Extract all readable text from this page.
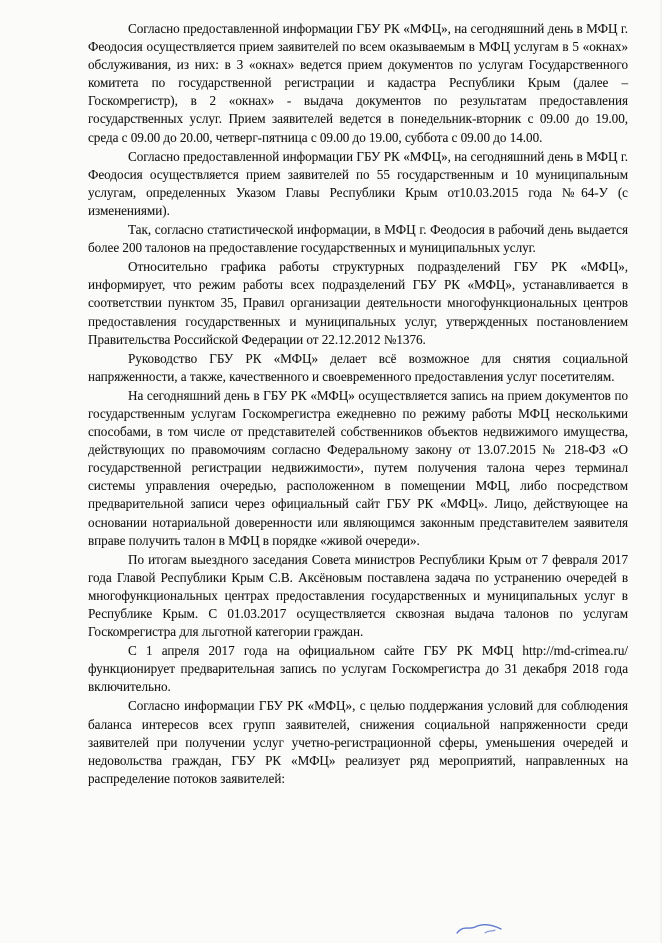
Согласно предоставленной информации ГБУ РК «МФЦ», на сегодняшний день в МФЦ г. Феодосия осуществляется прием заявителей по всем оказываемым в МФЦ услугам в 5 «окнах» обслуживания, из них: в 3 «окнах» ведется прием документов по услугам Государственного комитета по государственной регистрации и кадастра Республики Крым (далее – Госкомрегистр), в 2 «окнах» - выдача документов по результатам предоставления государственных услуг. Прием заявителей ведется в понедельник-вторник с 09.00 до 19.00, среда с 09.00 до 20.00, четверг-пятница с 09.00 до 19.00, суббота с 09.00 до 14.00.

Согласно предоставленной информации ГБУ РК «МФЦ», на сегодняшний день в МФЦ г. Феодосия осуществляется прием заявителей по 55 государственным и 10 муниципальным услугам, определенных Указом Главы Республики Крым от10.03.2015 года №64-У (с изменениями).

Так, согласно статистической информации, в МФЦ г. Феодосия в рабочий день выдается более 200 талонов на предоставление государственных и муниципальных услуг.

Относительно графика работы структурных подразделений ГБУ РК «МФЦ», информирует, что режим работы всех подразделений ГБУ РК «МФЦ», устанавливается в соответствии пунктом 35, Правил организации деятельности многофункциональных центров предоставления государственных и муниципальных услуг, утвержденных постановлением Правительства Российской Федерации от 22.12.2012 №1376.

Руководство ГБУ РК «МФЦ» делает всё возможное для снятия социальной напряженности, а также, качественного и своевременного предоставления услуг посетителям.

На сегодняшний день в ГБУ РК «МФЦ» осуществляется запись на прием документов по государственным услугам Госкомрегистра ежедневно по режиму работы МФЦ несколькими способами, в том числе от представителей собственников объектов недвижимого имущества, действующих по правомочиям согласно Федеральному закону от 13.07.2015 № 218-ФЗ «О государственной регистрации недвижимости», путем получения талона через терминал системы управления очередью, расположенном в помещении МФЦ, либо посредством предварительной записи через официальный сайт ГБУ РК «МФЦ». Лицо, действующее на основании нотариальной доверенности или являющимся законным представителем заявителя вправе получить талон в МФЦ в порядке «живой очереди».

По итогам выездного заседания Совета министров Республики Крым от 7 февраля 2017 года Главой Республики Крым С.В. Аксёновым поставлена задача по устранению очередей в многофункциональных центрах предоставления государственных и муниципальных услуг в Республике Крым. С 01.03.2017 осуществляется сквозная выдача талонов по услугам Госкомрегистра для льготной категории граждан.

С 1 апреля 2017 года на официальном сайте ГБУ РК МФЦ http://md-crimea.ru/ функционирует предварительная запись по услугам Госкомрегистра до 31 декабря 2018 года включительно.

Согласно информации ГБУ РК «МФЦ», с целью поддержания условий для соблюдения баланса интересов всех групп заявителей, снижения социальной напряженности среди заявителей при получении услуг учетно-регистрационной сферы, уменьшения очередей и недовольства граждан, ГБУ РК «МФЦ» реализует ряд мероприятий, направленных на распределение потоков заявителей:
